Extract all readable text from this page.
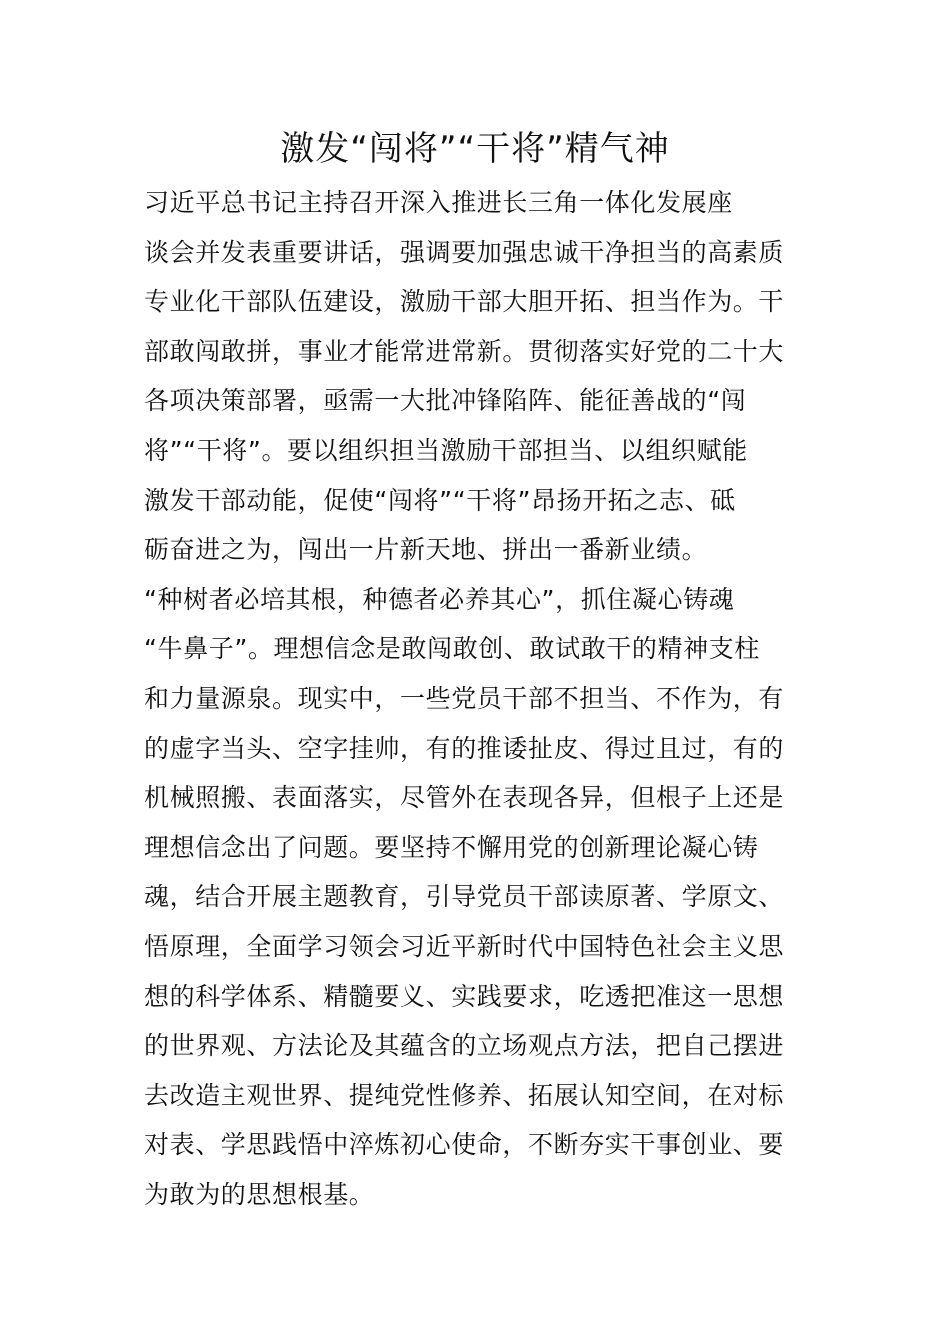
激发“闯将”“干将”精气神
习近平总书记主持召开深入推进长三角一体化发展座
谈会并发表重要讲话，强调要加强忠诚干净担当的高素质
专业化干部队伍建设，激励干部大胆开拓、担当作为。干
部敢闯敢拼，事业才能常进常新。贯彻落实好党的二十大
各项决策部署，亟需一大批冲锋陷阵、能征善战的“闯
将”“干将”。要以组织担当激励干部担当、以组织赋能
激发干部动能，促使“闯将”“干将”昂扬开拓之志、砥
砺奋进之为，闯出一片新天地、拼出一番新业绩。
“种树者必培其根，种德者必养其心”，抓住凝心铸魂
“牛鼻子”。理想信念是敢闯敢创、敢试敢干的精神支柱
和力量源泉。现实中，一些党员干部不担当、不作为，有
的虚字当头、空字挂帅，有的推诿扯皮、得过且过，有的
机械照搬、表面落实，尽管外在表现各异，但根子上还是
理想信念出了问题。要坚持不懈用党的创新理论凝心铸
魂，结合开展主题教育，引导党员干部读原著、学原文、
悟原理，全面学习领会习近平新时代中国特色社会主义思
想的科学体系、精髓要义、实践要求，吃透把准这一思想
的世界观、方法论及其蕴含的立场观点方法，把自己摆进
去改造主观世界、提纯党性修养、拓展认知空间，在对标
对表、学思践悟中淬炼初心使命，不断夯实干事创业、要
为敢为的思想根基。
